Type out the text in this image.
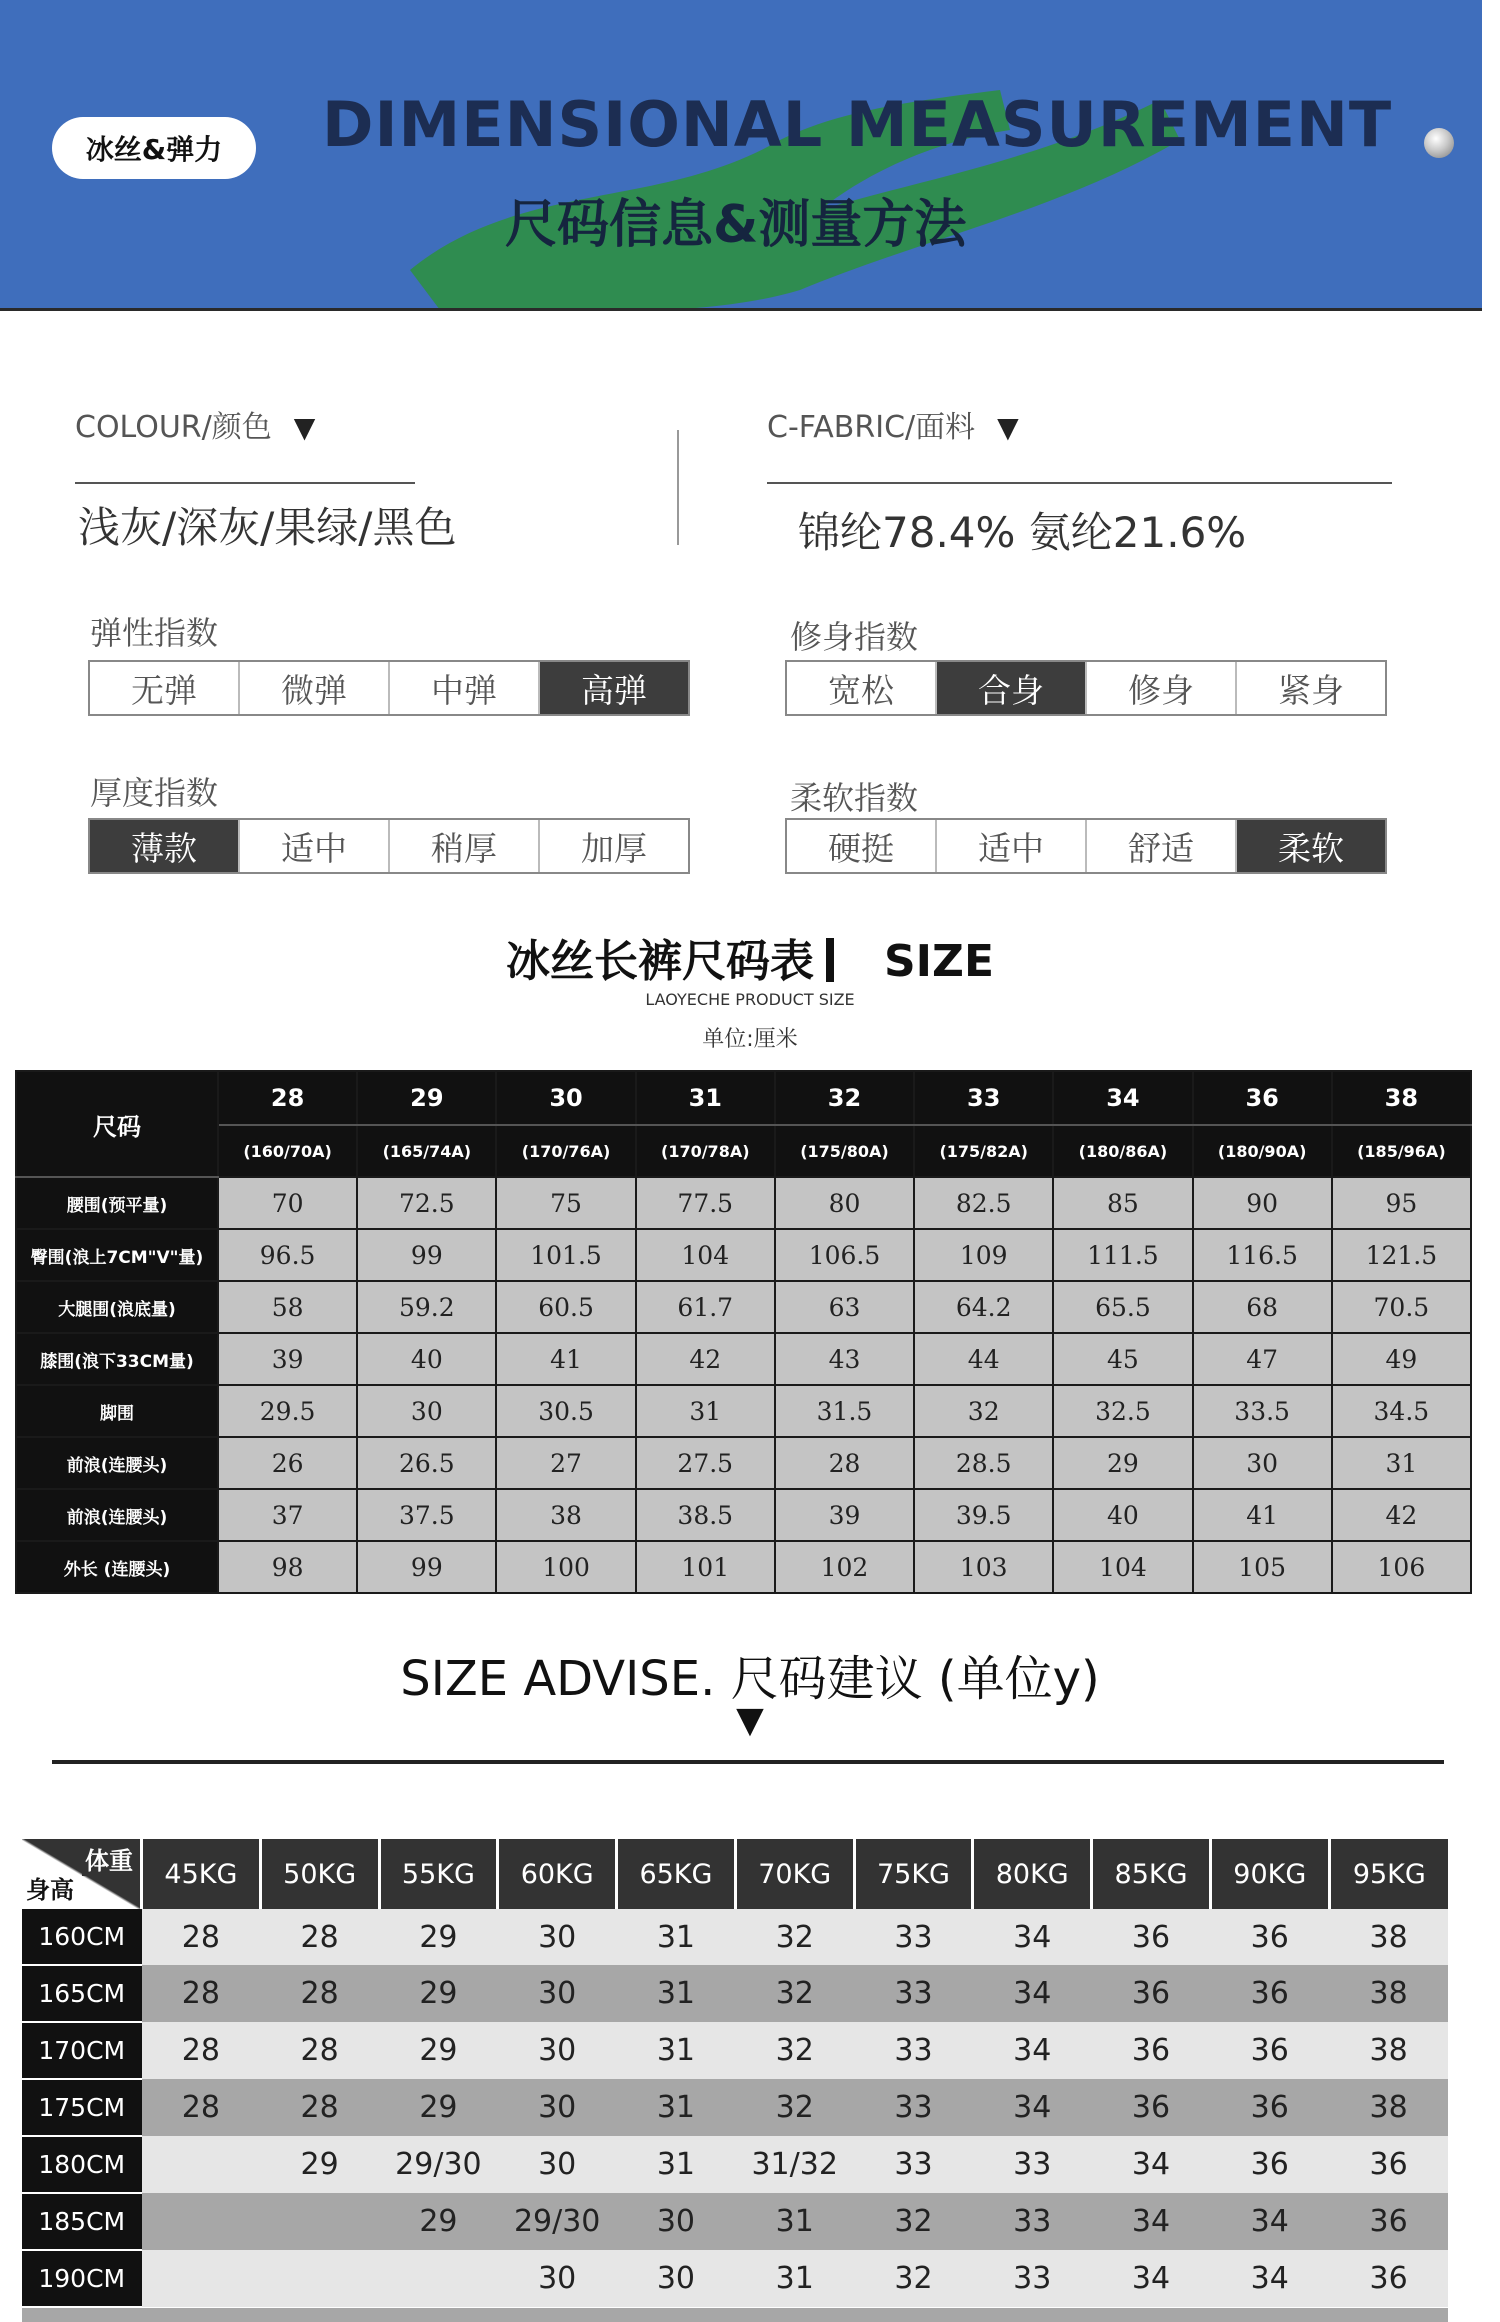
冰丝&弹力	DIMENSIONAL MEASUREMENT
尺码信息&测量方法
COLOUR/颜色 ▼
浅灰/深灰/果绿/黑色
C-FABRIC/面料 ▼
锦纶78.4% 氨纶21.6%
弹性指数
无弹	微弹	中弹	高弹
修身指数
宽松	合身	修身	紧身
厚度指数
薄款	适中	稍厚	加厚
柔软指数
硬挺	适中	舒适	柔软
冰丝长裤尺码表 SIZE
LAOYECHE PRODUCT SIZE
单位:厘米
尺码	28	29	30	31	32	33	34	36	38
	(160/70A)	(165/74A)	(170/76A)	(170/78A)	(175/80A)	(175/82A)	(180/86A)	(180/90A)	(185/96A)
腰围(预平量)	70	72.5	75	77.5	80	82.5	85	90	95
臀围(浪上7CM"V"量)	96.5	99	101.5	104	106.5	109	111.5	116.5	121.5
大腿围(浪底量)	58	59.2	60.5	61.7	63	64.2	65.5	68	70.5
膝围(浪下33CM量)	39	40	41	42	43	44	45	47	49
脚围	29.5	30	30.5	31	31.5	32	32.5	33.5	34.5
前浪(连腰头)	26	26.5	27	27.5	28	28.5	29	30	31
前浪(连腰头)	37	37.5	38	38.5	39	39.5	40	41	42
外长 (连腰头)	98	99	100	101	102	103	104	105	106
SIZE ADVISE. 尺码建议 (单位y)
▼
体重
身高	45KG	50KG	55KG	60KG	65KG	70KG	75KG	80KG	85KG	90KG	95KG
160CM	28	28	29	30	31	32	33	34	36	36	38
165CM	28	28	29	30	31	32	33	34	36	36	38
170CM	28	28	29	30	31	32	33	34	36	36	38
175CM	28	28	29	30	31	32	33	34	36	36	38
180CM		29	29/30	30	31	31/32	33	33	34	36	36
185CM			29	29/30	30	31	32	33	34	34	36
190CM				30	30	31	32	33	34	34	36
